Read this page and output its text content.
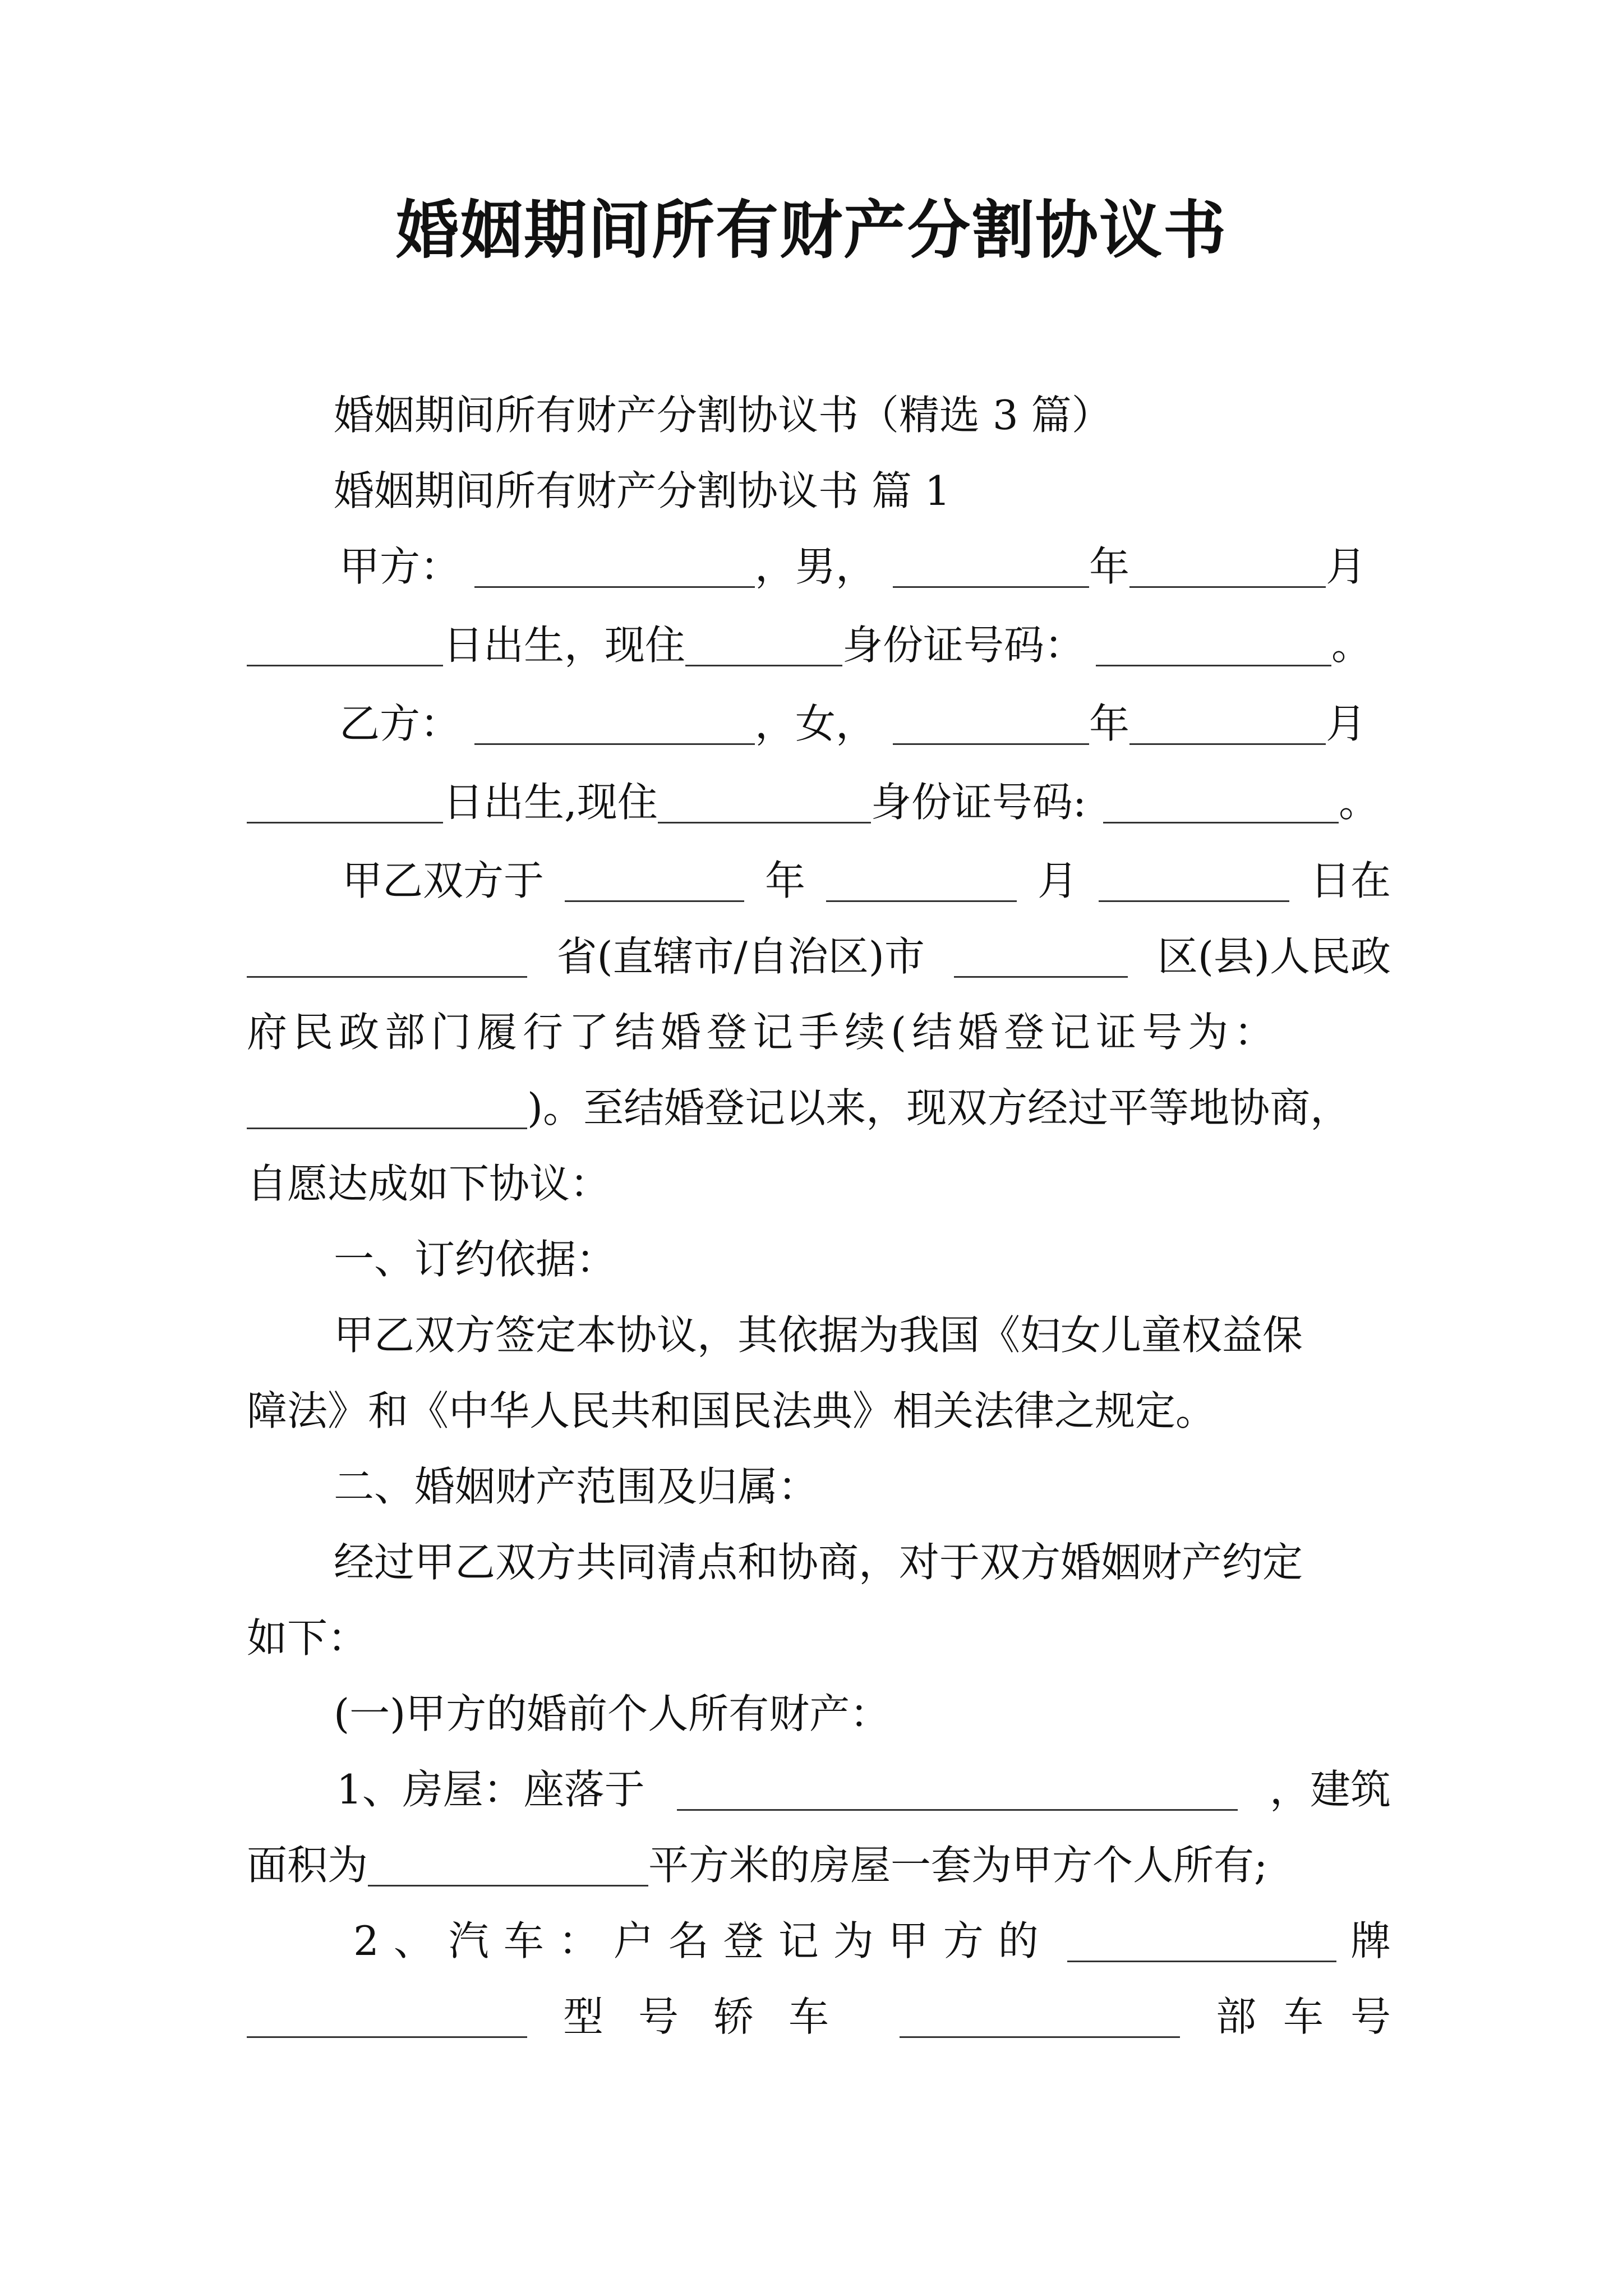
婚姻期间所有财产分割协议书
婚姻期间所有财产分割协议书（精选 3 篇）
婚姻期间所有财产分割协议书 篇 1
甲方：	，男，	年	月
日出生，现住	身份证号码：	。
乙方：	，女，	年	月
日出生,现住	身份证号码:	。
甲乙双方于	年	月	日在
省(直辖市/自治区)市	区(县)人民政
府民政部门履行了结婚登记手续(结婚登记证号为：
)。至结婚登记以来，现双方经过平等地协商，
自愿达成如下协议：
一、订约依据：
甲乙双方签定本协议，其依据为我国《妇女儿童权益保
障法》和《中华人民共和国民法典》相关法律之规定。
二、婚姻财产范围及归属：
经过甲乙双方共同清点和协商，对于双方婚姻财产约定
如下：
(一)甲方的婚前个人所有财产：
1、房屋：座落于	，建筑
面积为	平方米的房屋一套为甲方个人所有;
2、汽车：户名登记为甲方的	牌
型号轿车	部车号
